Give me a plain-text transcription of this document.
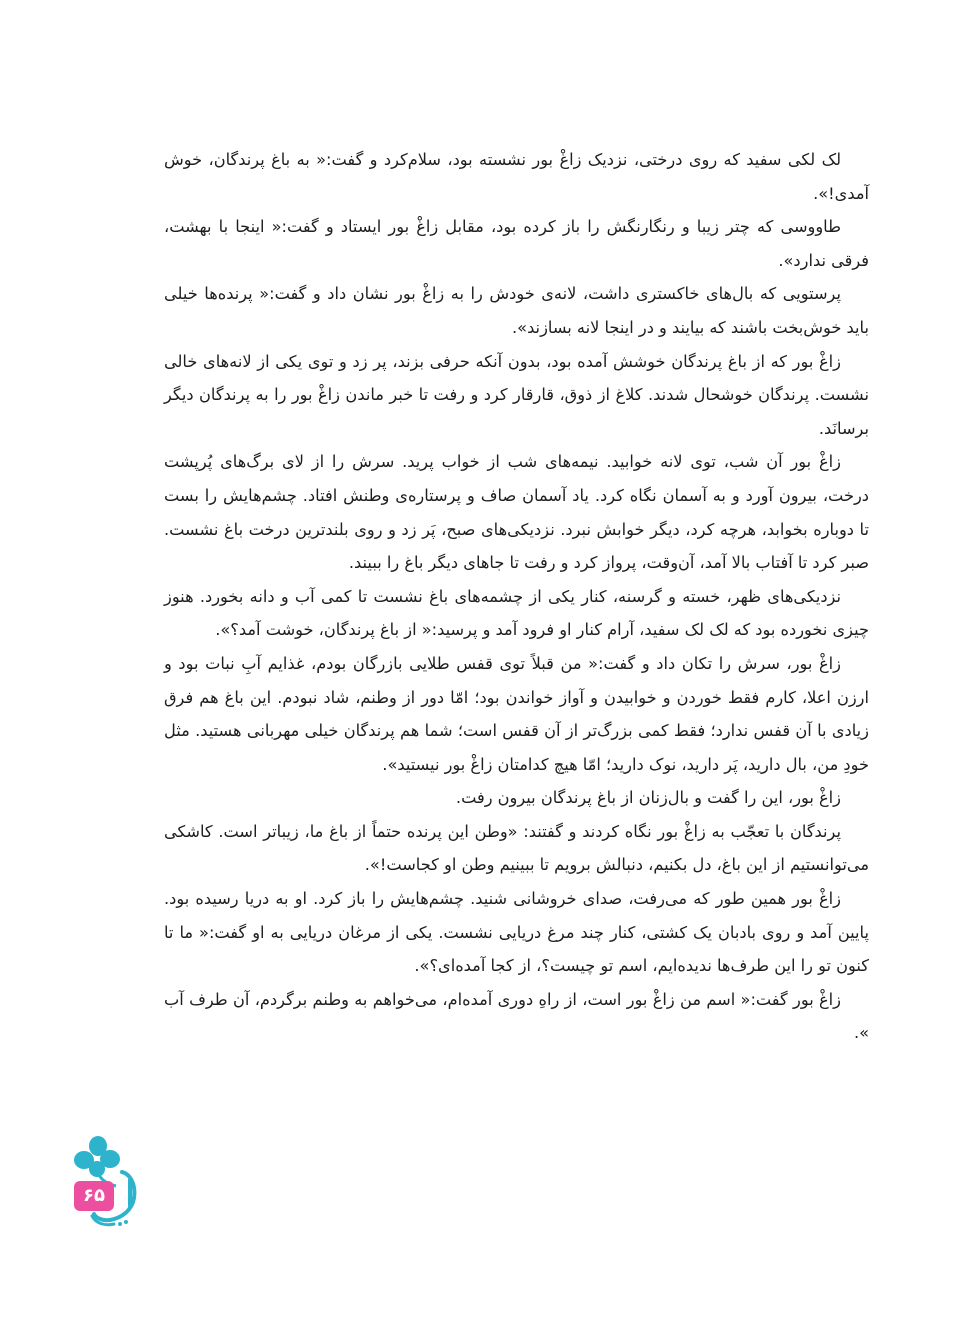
لک لکی سفید که روی درختی، نزدیک زاغْ بور نشسته بود، سلام‌کرد و گفت:« به باغ پرندگان، خوش آمدی!».

طاووسی که چتر زیبا و رنگارنگش را باز کرده بود، مقابل زاغْ بور ایستاد و گفت:« اینجا با بهشت، فرقی ندارد».

پرستویی که بال‌های خاکستری داشت، لانه‌ی خودش را به زاغْ بور نشان داد و گفت:« پرنده‌ها خیلی باید خوش‌بخت باشند که بیایند و در اینجا لانه بسازند».

زاغْ بور که از باغ پرندگان خوشش آمده بود، بدون آنکه حرفی بزند، پر زد و توی یکی از لانه‌های خالی نشست. پرندگان خوشحال شدند. کلاغ از ذوق، قارقار کرد و رفت تا خبر ماندن زاغْ بور را به پرندگان دیگر برسانَد.

زاغْ بور آن شب، توی لانه خوابید. نیمه‌های شب از خواب پرید. سرش را از لای برگ‌های پُرپشت درخت، بیرون آورد و به آسمان نگاه کرد. یاد آسمان صاف و پرستاره‌ی وطنش افتاد. چشم‌هایش را بست تا دوباره بخوابد، هرچه کرد، دیگر خوابش نبرد. نزدیکی‌های صبح، پَر زد و روی بلندترین درخت باغ نشست. صبر کرد تا آفتاب بالا آمد، آن‌وقت، پرواز کرد و رفت تا جاهای دیگر باغ را ببیند.

نزدیکی‌های ظهر، خسته و گرسنه، کنار یکی از چشمه‌های باغ نشست تا کمی آب و دانه بخورد. هنوز چیزی نخورده بود که لک لک سفید، آرام کنار او فرود آمد و پرسید:« از باغ پرندگان، خوشت آمد؟».

زاغْ بور، سرش را تکان داد و گفت:« من قبلاً توی قفس طلایی بازرگان بودم، غذایم آبِ نبات بود و ارزن اعلا، کارم فقط خوردن و خوابیدن و آواز خواندن بود؛ امّا دور از وطنم، شاد نبودم. این باغ هم فرق زیادی با آن قفس ندارد؛ فقط کمی بزرگ‌تر از آن قفس است؛ شما هم پرندگان خیلی مهربانی هستید. مثل خودِ من، بال دارید، پَر دارید، نوک دارید؛ امّا هیچ کدامتان زاغْ بور نیستید».

زاغْ بور، این را گفت و بال‌زنان از باغ پرندگان بیرون رفت.

پرندگان با تعجّب به زاغْ بور نگاه کردند و گفتند: «وطن این پرنده حتماً از باغ ما، زیباتر است. کاشکی می‌توانستیم از این باغ، دل بکنیم، دنبالش برویم تا ببینیم وطن او کجاست!».

زاغْ بور همین طور که می‌رفت، صدای خروشانی شنید. چشم‌هایش را باز کرد. او به دریا رسیده بود. پایین آمد و روی بادبان یک کشتی، کنار چند مرغ دریایی نشست. یکی از مرغان دریایی به او گفت:« ما تا کنون تو را این طرف‌ها ندیده‌ایم، اسم تو چیست؟، از کجا آمده‌ای؟».

زاغْ بور گفت:« اسم من زاغْ بور است، از راهِ دوری آمده‌ام، می‌خواهم به وطنم برگردم، آن طرف آب ».

۶۵
